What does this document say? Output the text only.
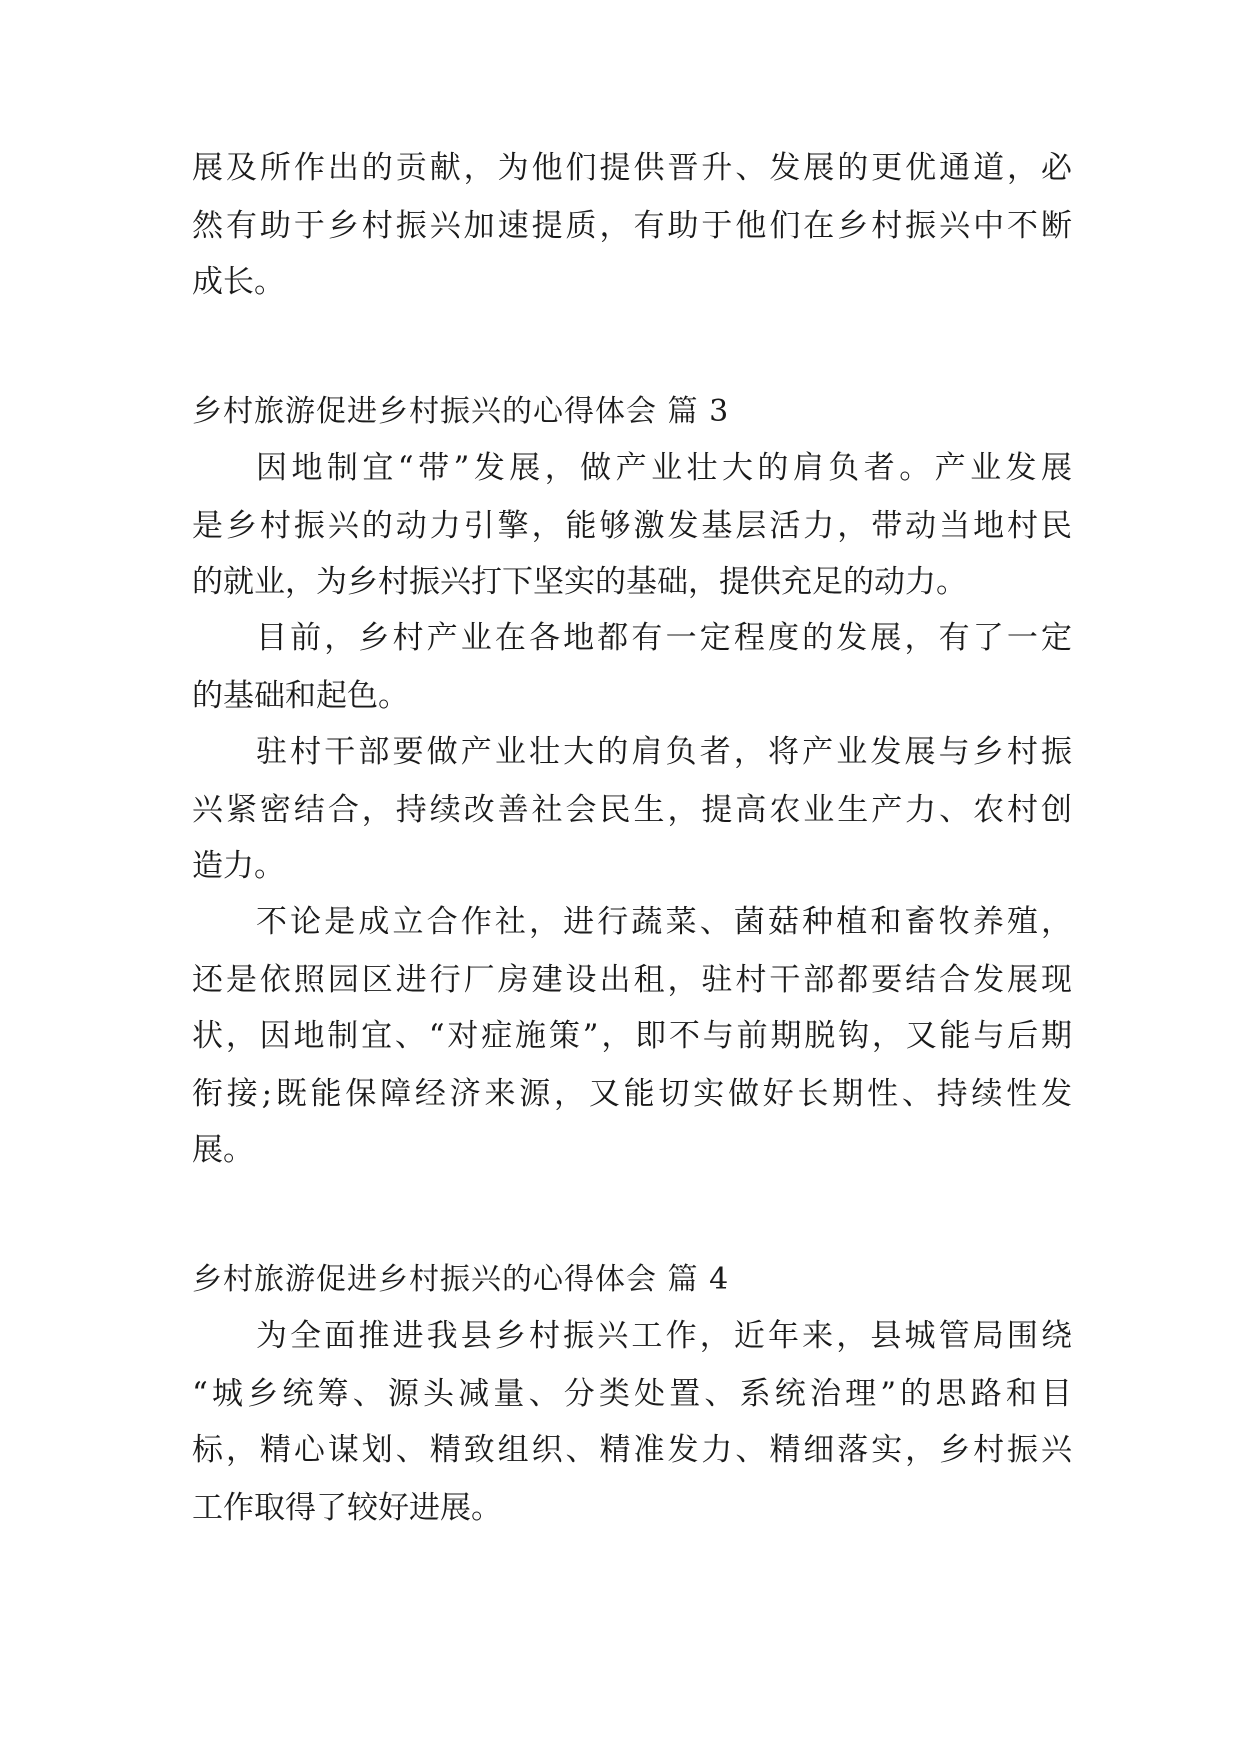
展及所作出的贡献，为他们提供晋升、发展的更优通道，必
然有助于乡村振兴加速提质，有助于他们在乡村振兴中不断
成长。
乡村旅游促进乡村振兴的心得体会 篇 3
因地制宜“带”发展，做产业壮大的肩负者。产业发展
是乡村振兴的动力引擎，能够激发基层活力，带动当地村民
的就业，为乡村振兴打下坚实的基础，提供充足的动力。
目前，乡村产业在各地都有一定程度的发展，有了一定
的基础和起色。
驻村干部要做产业壮大的肩负者，将产业发展与乡村振
兴紧密结合，持续改善社会民生，提高农业生产力、农村创
造力。
不论是成立合作社，进行蔬菜、菌菇种植和畜牧养殖，
还是依照园区进行厂房建设出租，驻村干部都要结合发展现
状，因地制宜、“对症施策”，即不与前期脱钩，又能与后期
衔接;既能保障经济来源，又能切实做好长期性、持续性发
展。
乡村旅游促进乡村振兴的心得体会 篇 4
为全面推进我县乡村振兴工作，近年来，县城管局围绕
“城乡统筹、源头减量、分类处置、系统治理”的思路和目
标，精心谋划、精致组织、精准发力、精细落实，乡村振兴
工作取得了较好进展。
